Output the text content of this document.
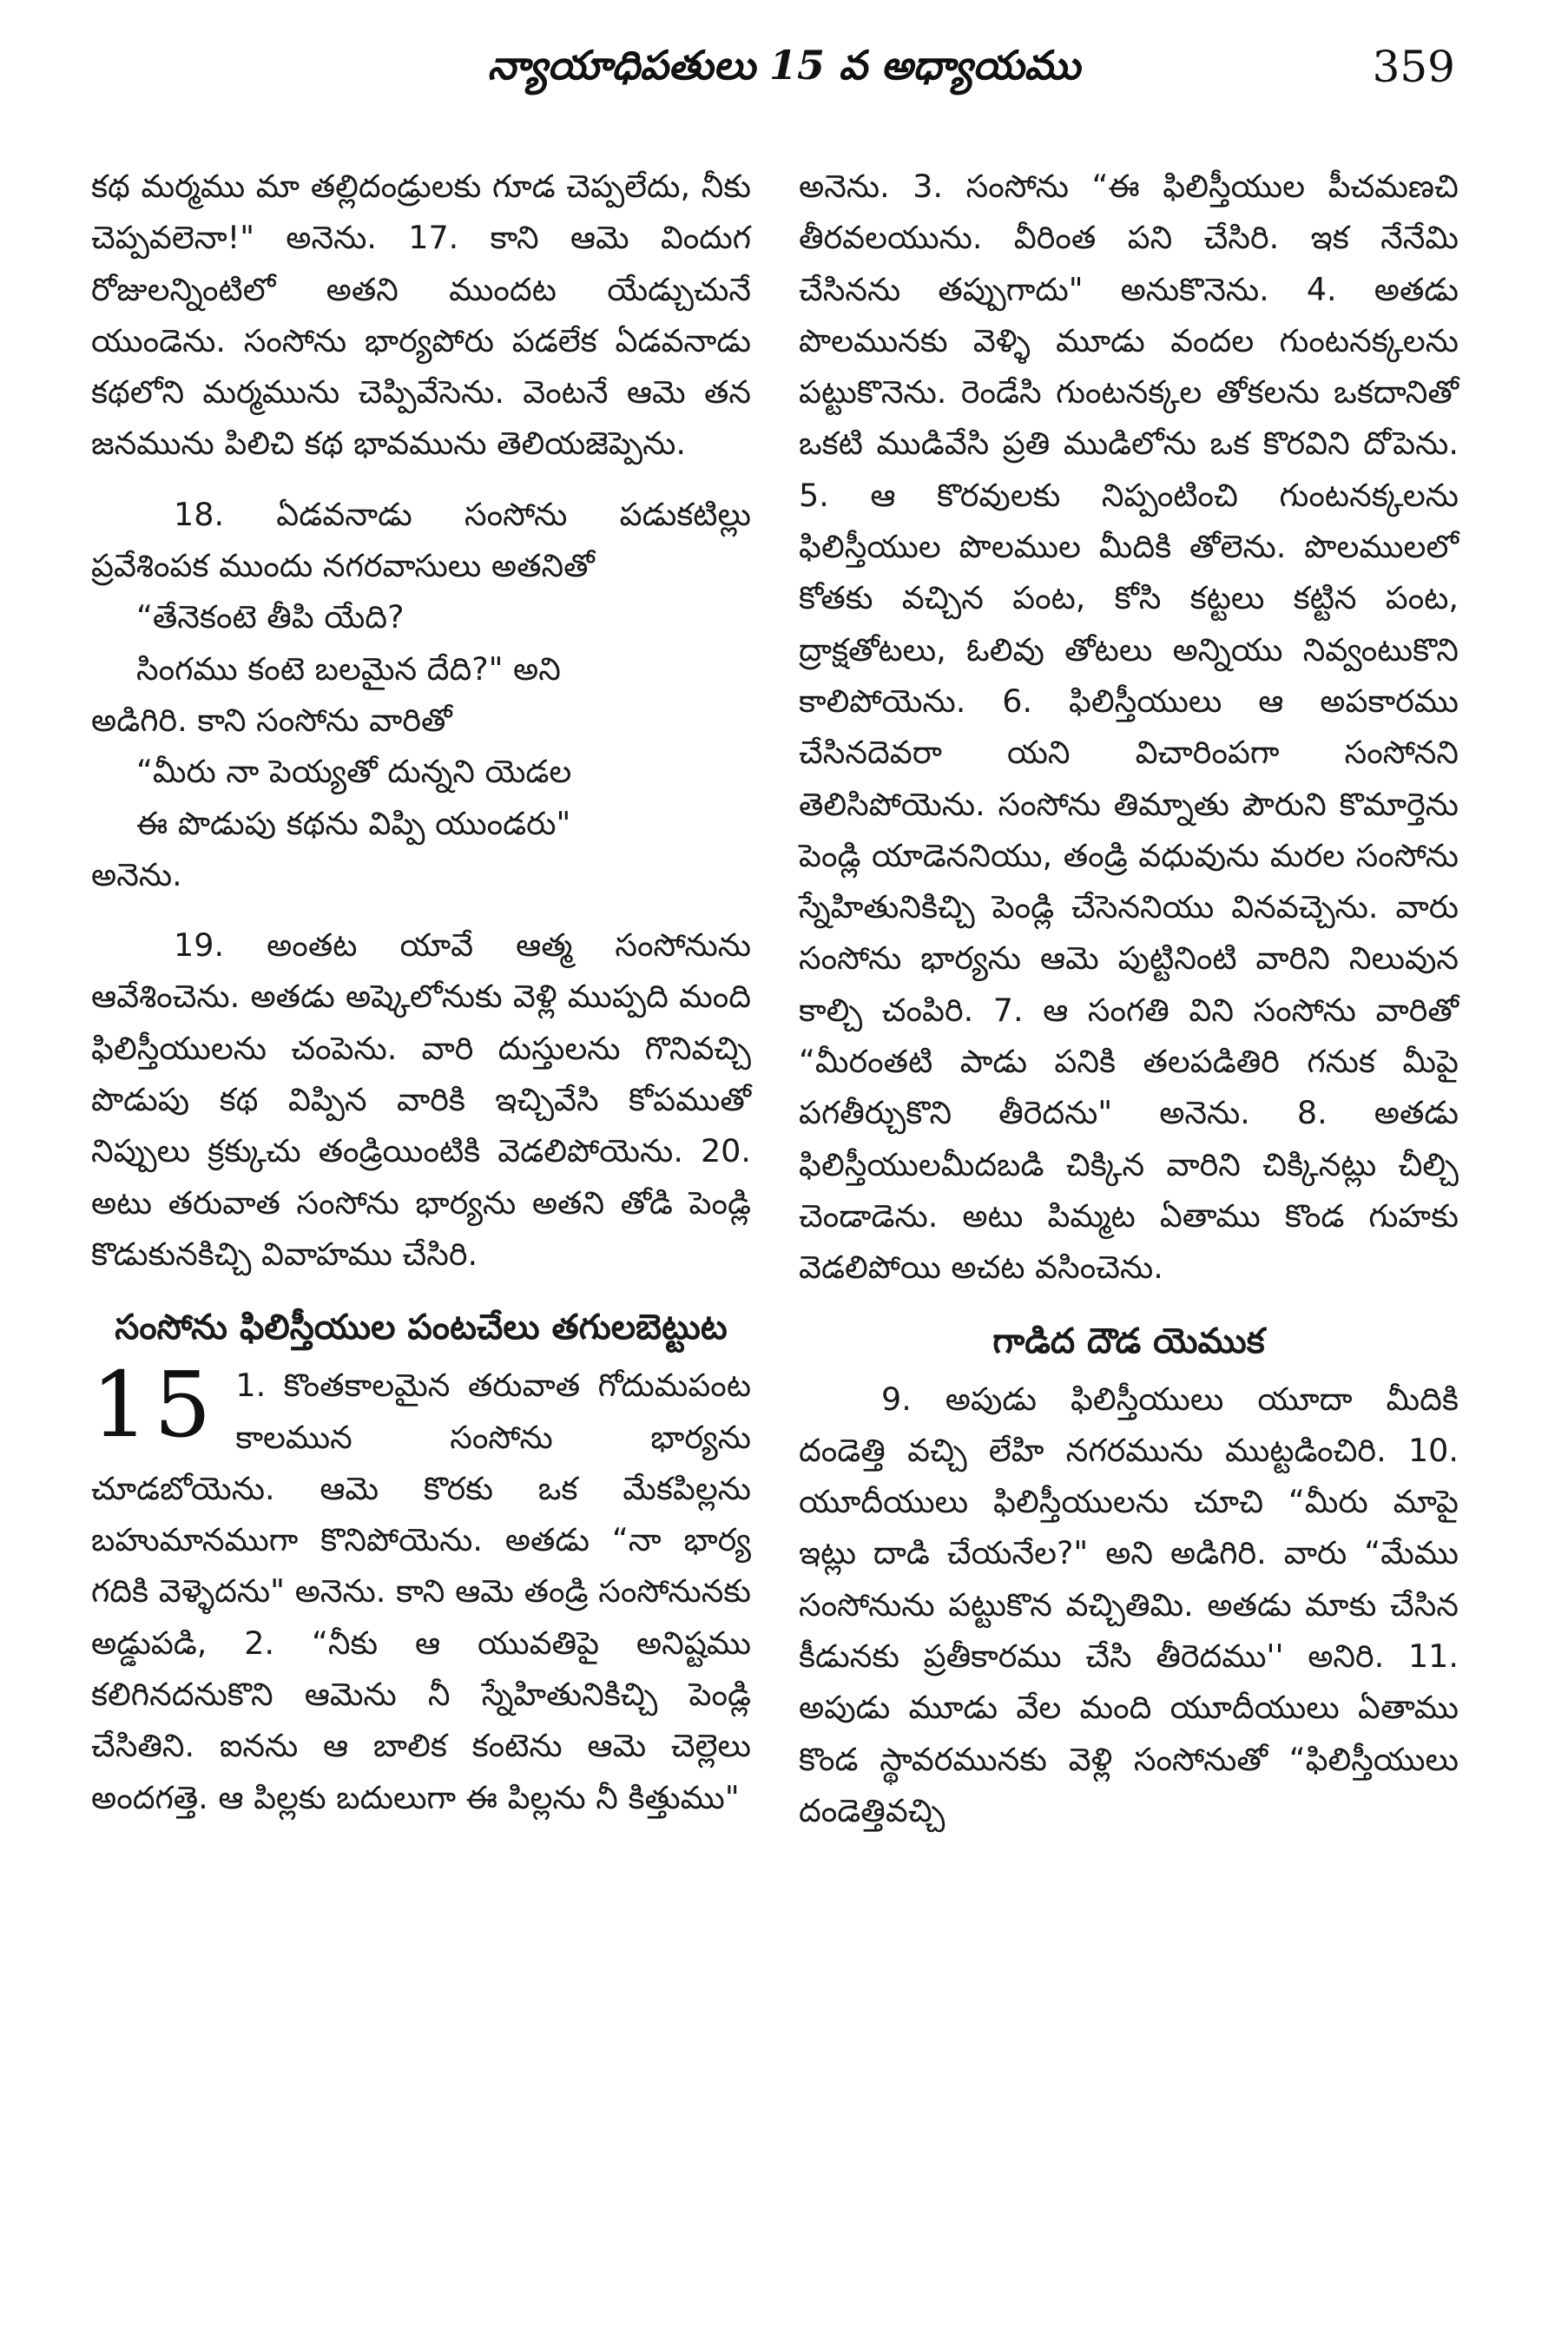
న్యాయాధిపతులు 15 వ అధ్యాయము	359

కథ మర్మము మా తల్లిదండ్రులకు గూడ చెప్పలేదు, నీకు చెప్పవలెనా!" అనెను. 17. కాని ఆమె విందుగ రోజులన్నింటిలో అతని ముందట యేడ్చుచునే యుండెను. సంసోను భార్యపోరు పడలేక ఏడవనాడు కథలోని మర్మమును చెప్పివేసెను. వెంటనే ఆమె తన జనమును పిలిచి కథ భావమును తెలియజెప్పెను.

18. ఏడవనాడు సంసోను పడుకటిల్లు ప్రవేశింపక ముందు నగరవాసులు అతనితో

“తేనెకంటె తీపి యేది?

సింగము కంటె బలమైన దేది?" అని

అడిగిరి. కాని సంసోను వారితో

“మీరు నా పెయ్యతో దున్నని యెడల

ఈ పొడుపు కథను విప్పి యుండరు"

అనెను.

19. అంతట యావే ఆత్మ సంసోనును ఆవేశించెను. అతడు అష్కెలోనుకు వెళ్లి ముప్పది మంది ఫిలిస్తీయులను చంపెను. వారి దుస్తులను గొనివచ్చి పొడుపు కథ విప్పిన వారికి ఇచ్చివేసి కోపముతో నిప్పులు క్రక్కుచు తండ్రియింటికి వెడలిపోయెను. 20. అటు తరువాత సంసోను భార్యను అతని తోడి పెండ్లి కొడుకునకిచ్చి వివాహము చేసిరి.

సంసోను ఫిలిస్తీయుల పంటచేలు తగులబెట్టుట
15 1. కొంతకాలమైన తరువాత గోదుమపంట కాలమున సంసోను భార్యను చూడబోయెను. ఆమె కొరకు ఒక మేకపిల్లను బహుమానముగా కొనిపోయెను. అతడు “నా భార్య గదికి వెళ్ళెదను" అనెను. కాని ఆమె తండ్రి సంసోనునకు అడ్డుపడి, 2. “నీకు ఆ యువతిపై అనిష్టము కలిగినదనుకొని ఆమెను నీ స్నేహితునికిచ్చి పెండ్లి చేసితిని. ఐనను ఆ బాలిక కంటెను ఆమె చెల్లెలు అందగత్తె. ఆ పిల్లకు బదులుగా ఈ పిల్లను నీ కిత్తుము"

అనెను. 3. సంసోను “ఈ ఫిలిస్తీయుల పీచమణచి తీరవలయును. వీరింత పని చేసిరి. ఇక నేనేమి చేసినను తప్పుగాదు" అనుకొనెను. 4. అతడు పొలమునకు వెళ్ళి మూడు వందల గుంటనక్కలను పట్టుకొనెను. రెండేసి గుంటనక్కల తోకలను ఒకదానితో ఒకటి ముడివేసి ప్రతి ముడిలోను ఒక కొరవిని దోపెను. 5. ఆ కొరవులకు నిప్పంటించి గుంటనక్కలను ఫిలిస్తీయుల పొలముల మీదికి తోలెను. పొలములలో కోతకు వచ్చిన పంట, కోసి కట్టలు కట్టిన పంట, ద్రాక్షతోటలు, ఓలివు తోటలు అన్నియు నివ్వంటుకొని కాలిపోయెను. 6. ఫిలిస్తీయులు ఆ అపకారము చేసినదెవరా యని విచారింపగా సంసోనని తెలిసిపోయెను. సంసోను తిమ్నాతు పౌరుని కొమార్తెను పెండ్లి యాడెననియు, తండ్రి వధువును మరల సంసోను స్నేహితునికిచ్చి పెండ్లి చేసెననియు వినవచ్చెను. వారు సంసోను భార్యను ఆమె పుట్టినింటి వారిని నిలువున కాల్చి చంపిరి. 7. ఆ సంగతి విని సంసోను వారితో “మీరంతటి పాడు పనికి తలపడితిరి గనుక మీపై పగతీర్చుకొని తీరెదను" అనెను. 8. అతడు ఫిలిస్తీయులమీదబడి చిక్కిన వారిని చిక్కినట్లు చీల్చి చెండాడెను. అటు పిమ్మట ఏతాము కొండ గుహకు వెడలిపోయి అచట వసించెను.

గాడిద దౌడ యెముక

9. అపుడు ఫిలిస్తీయులు యూదా మీదికి దండెత్తి వచ్చి లేహి నగరమును ముట్టడించిరి. 10. యూదీయులు ఫిలిస్తీయులను చూచి “మీరు మాపై ఇట్లు దాడి చేయనేల?" అని అడిగిరి. వారు “మేము సంసోనును పట్టుకొన వచ్చితిమి. అతడు మాకు చేసిన కీడునకు ప్రతీకారము చేసి తీరెదము'' అనిరి. 11. అపుడు మూడు వేల మంది యూదీయులు ఏతాము కొండ స్థావరమునకు వెళ్లి సంసోనుతో “ఫిలిస్తీయులు దండెత్తివచ్చి
